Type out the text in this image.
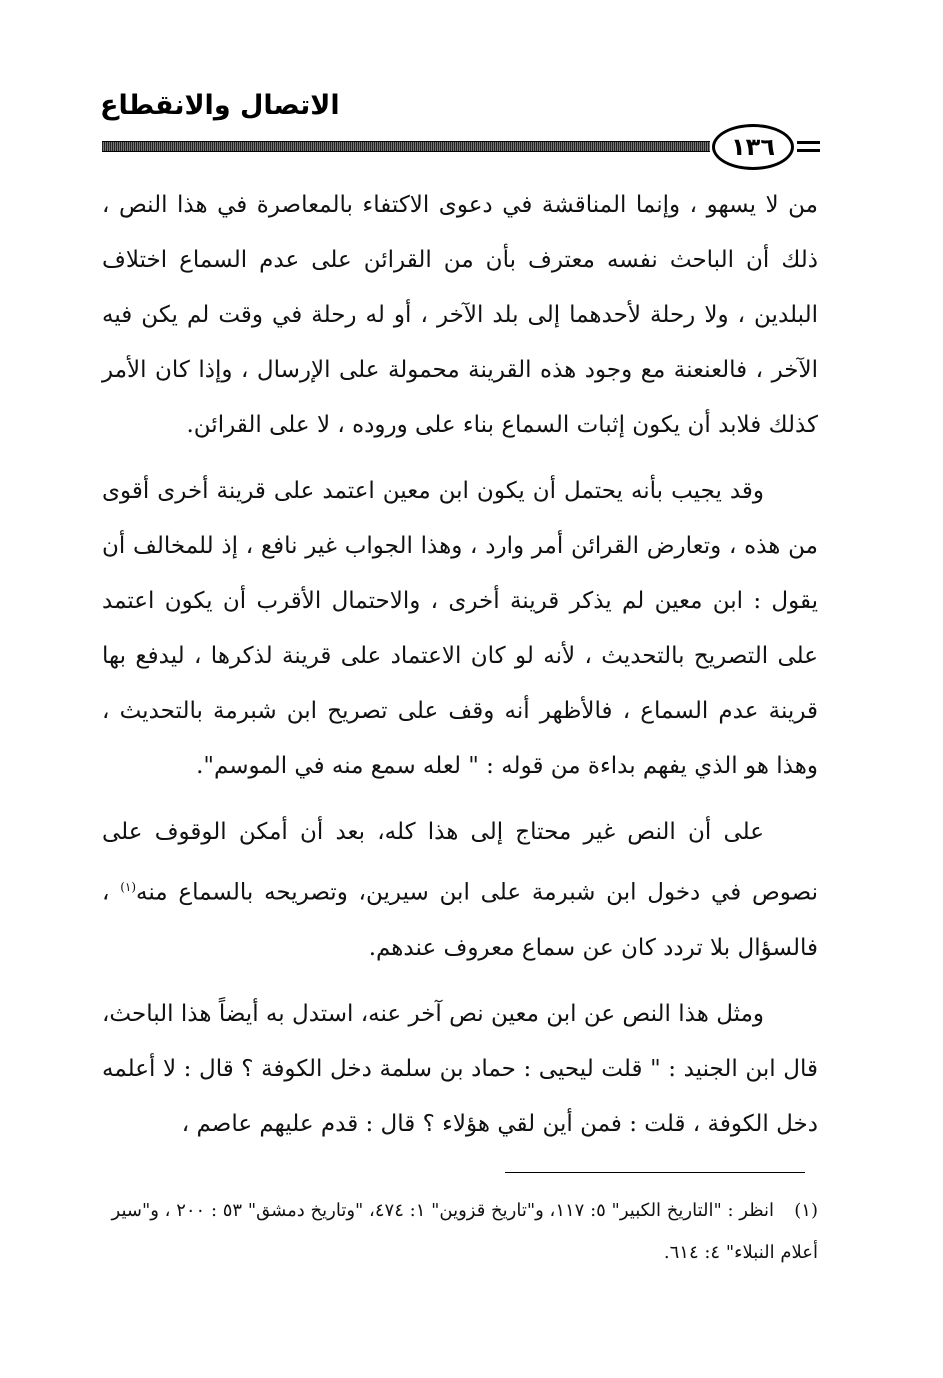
الاتصال والانقطاع
١٣٦

من لا يسهو ، وإنما المناقشة في دعوى الاكتفاء بالمعاصرة في هذا النص ، ذلك أن الباحث نفسه معترف بأن من القرائن على عدم السماع اختلاف البلدين ، ولا رحلة لأحدهما إلى بلد الآخر ، أو له رحلة في وقت لم يكن فيه الآخر ، فالعنعنة مع وجود هذه القرينة محمولة على الإرسال ، وإذا كان الأمر كذلك فلابد أن يكون إثبات السماع بناء على وروده ، لا على القرائن.

وقد يجيب بأنه يحتمل أن يكون ابن معين اعتمد على قرينة أخرى أقوى من هذه ، وتعارض القرائن أمر وارد ، وهذا الجواب غير نافع ، إذ للمخالف أن يقول : ابن معين لم يذكر قرينة أخرى ، والاحتمال الأقرب أن يكون اعتمد على التصريح بالتحديث ، لأنه لو كان الاعتماد على قرينة لذكرها ، ليدفع بها قرينة عدم السماع ، فالأظهر أنه وقف على تصريح ابن شبرمة بالتحديث ، وهذا هو الذي يفهم بداءة من قوله : " لعله سمع منه في الموسم".

على أن النص غير محتاج إلى هذا كله، بعد أن أمكن الوقوف على نصوص في دخول ابن شبرمة على ابن سيرين، وتصريحه بالسماع منه$^{(١)}$ ، فالسؤال بلا تردد كان عن سماع معروف عندهم.

ومثل هذا النص عن ابن معين نص آخر عنه، استدل به أيضاً هذا الباحث، قال ابن الجنيد : " قلت ليحيى : حماد بن سلمة دخل الكوفة ؟ قال : لا أعلمه دخل الكوفة ، قلت : فمن أين لقي هؤلاء ؟ قال : قدم عليهم عاصم ،

(١)انظر : "التاريخ الكبير" ٥: ١١٧، و"تاريخ قزوين" ١: ٤٧٤، "وتاريخ دمشق" ٥٣ : ٢٠٠ ، و"سير أعلام النبلاء" ٤: ٦١٤.
